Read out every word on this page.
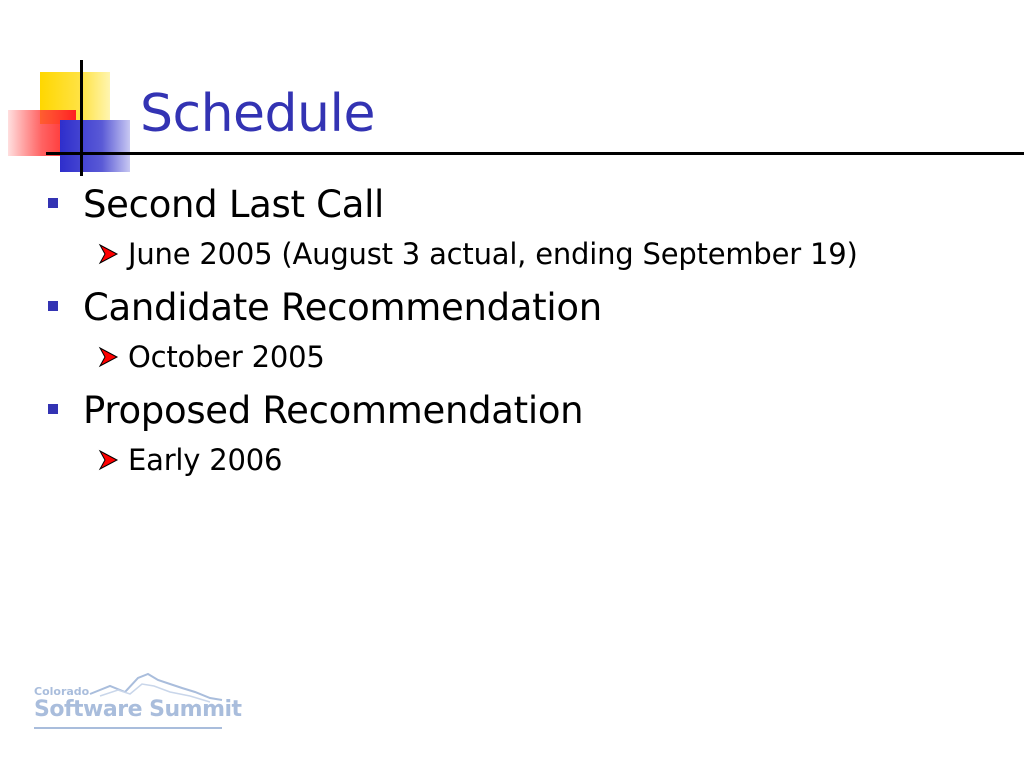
Schedule
Second Last Call
June 2005 (August 3 actual, ending September 19)
Candidate Recommendation
October 2005
Proposed Recommendation
Early 2006
Colorado
Software Summit
